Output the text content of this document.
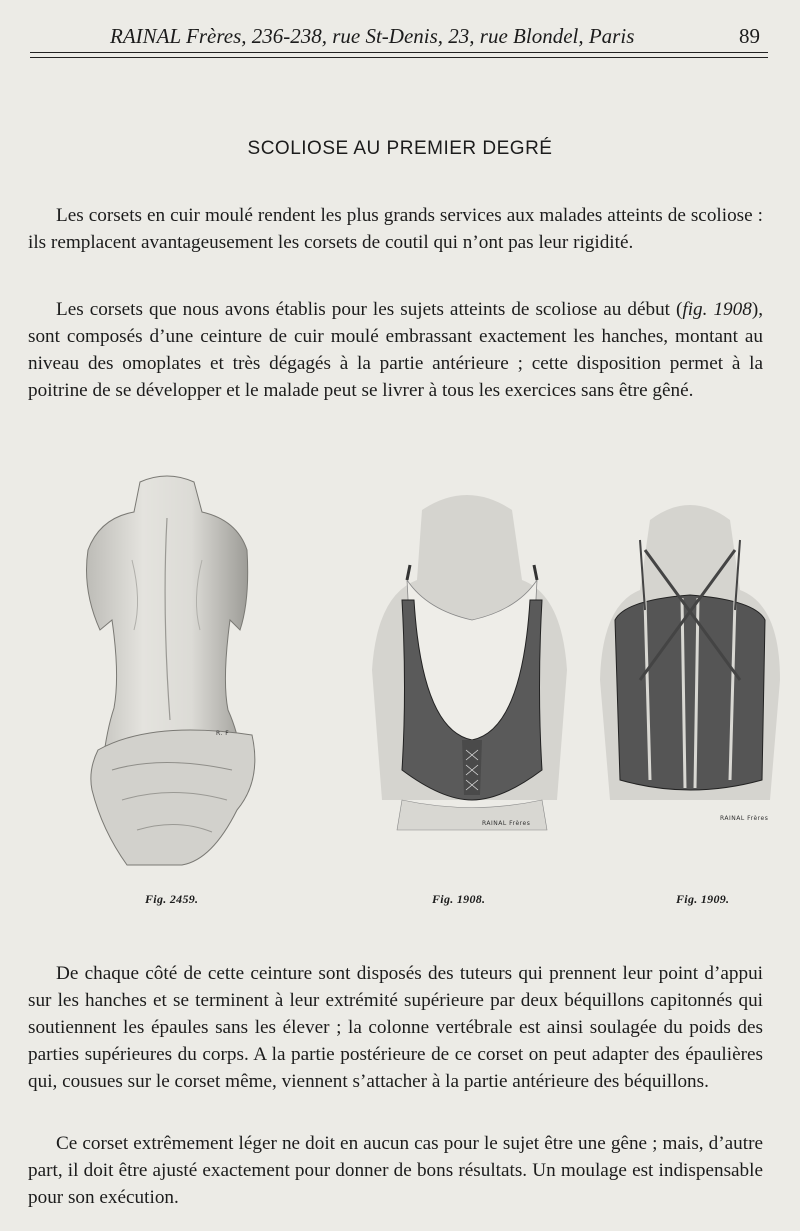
RAINAL Frères, 236-238, rue St-Denis, 23, rue Blondel, Paris	89
SCOLIOSE AU PREMIER DEGRÉ

Les corsets en cuir moulé rendent les plus grands services aux malades atteints de scoliose : ils remplacent avantageusement les corsets de coutil qui n’ont pas leur rigidité.

Les corsets que nous avons établis pour les sujets atteints de scoliose au début (fig. 1908), sont composés d’une ceinture de cuir moulé embrassant exactement les hanches, montant au niveau des omoplates et très dégagés à la partie antérieure ; cette disposition permet à la poitrine de se développer et le malade peut se livrer à tous les exercices sans être gêné.

R. F
RAINAL Frères
RAINAL Frères
Fig. 2459.	Fig. 1908.	Fig. 1909.

De chaque côté de cette ceinture sont disposés des tuteurs qui prennent leur point d’appui sur les hanches et se terminent à leur extrémité supérieure par deux béquillons capitonnés qui soutiennent les épaules sans les élever ; la colonne vertébrale est ainsi soulagée du poids des parties supérieures du corps. A la partie postérieure de ce corset on peut adapter des épaulières qui, cousues sur le corset même, viennent s’attacher à la partie antérieure des béquillons.

Ce corset extrêmement léger ne doit en aucun cas pour le sujet être une gêne ; mais, d’autre part, il doit être ajusté exactement pour donner de bons résultats. Un moulage est indispensable pour son exécution.
